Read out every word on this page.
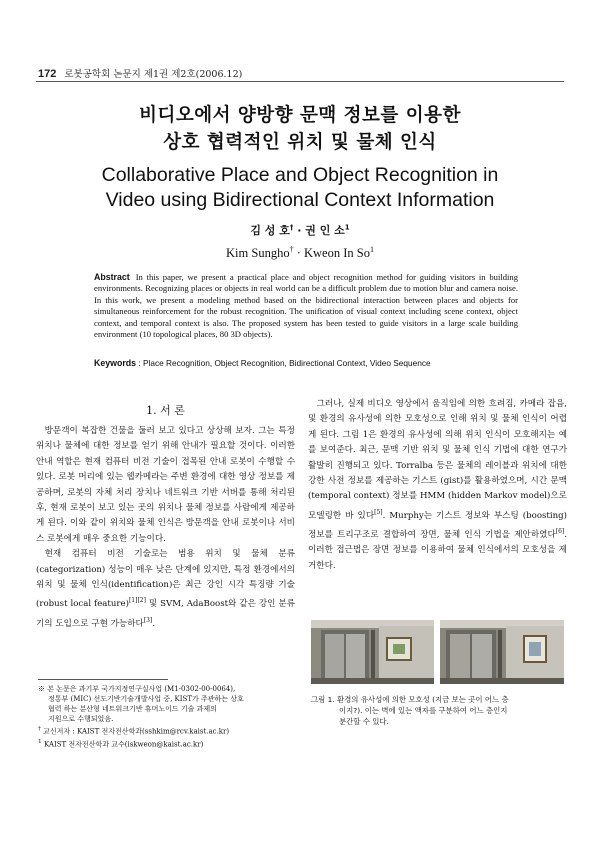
172 로봇공학회 논문지 제1권 제2호(2006.12)
비디오에서 양방향 문맥 정보를 이용한
상호 협력적인 위치 및 물체 인식
Collaborative Place and Object Recognition in
Video using Bidirectional Context Information
김 성 호† · 권 인 소$^1$
Kim Sungho† · Kweon In So$^1$
Abstract In this paper, we present a practical place and object recognition method for guiding visitors in building environments. Recognizing places or objects in real world can be a difficult problem due to motion blur and camera noise. In this work, we present a modeling method based on the bidirectional interaction between places and objects for simultaneous reinforcement for the robust recognition. The unification of visual context including scene context, object context, and temporal context is also. The proposed system has been tested to guide visitors in a large scale building environment (10 topological places, 80 3D objects).
Keywords : Place Recognition, Object Recognition, Bidirectional Context, Video Sequence
1. 서 론

방문객이 복잡한 건물을 둘러 보고 있다고 상상해 보자. 그는 특정 위치나 물체에 대한 정보를 얻기 위해 안내가 필요할 것이다. 이러한 안내 역할은 현재 컴퓨터 비전 기술이 접목된 안내 로봇이 수행할 수 있다. 로봇 머리에 있는 웹카메라는 주변 환경에 대한 영상 정보를 제공하며, 로봇의 자체 처리 장치나 네트워크 기반 서버를 통해 처리된 후, 현재 로봇이 보고 있는 곳의 위치나 물체 정보를 사람에게 제공하게 된다. 이와 같이 위치와 물체 인식은 방문객을 안내 로봇이나 서비스 로봇에게 매우 중요한 기능이다.

현재 컴퓨터 비전 기술로는 범용 위치 및 물체 분류 (categorization) 성능이 매우 낮은 단계에 있지만, 특정 환경에서의 위치 및 물체 인식(identification)은 최근 강인 시각 특징량 기술(robust local feature)[1][2] 및 SVM, AdaBoost와 같은 강인 분류기의 도입으로 구현 가능하다[3].

그러나, 실제 비디오 영상에서 움직임에 의한 흐려짐, 카메라 잡음, 및 환경의 유사성에 의한 모호성으로 인해 위치 및 물체 인식이 어렵게 된다. 그림 1은 환경의 유사성에 의해 위치 인식이 모호해지는 예를 보여준다. 최근, 문맥 기반 위치 및 물체 인식 기법에 대한 연구가 활발히 진행되고 있다. Torralba 등은 물체의 레이블과 위치에 대한 강한 사전 정보를 제공하는 기스트 (gist)를 활용하였으며, 시간 문맥(temporal context) 정보를 HMM (hidden Markov model)으로 모델링한 바 있다[5]. Murphy는 기스트 정보와 부스팅 (boosting) 정보를 트리구조로 결합하여 장면, 물체 인식 기법을 제안하였다[6]. 이러한 접근법은 장면 정보를 이용하여 물체 인식에서의 모호성을 제거한다.

※ 본 논문은 과기부 국가지정연구실사업 (M1-0302-00-0064),
정통부 (MIC) 선도기반기술개발사업 중, KIST가 주관하는 상호
협력 하는 분산형 네트워크기반 휴머노이드 기술 과제의
지원으로 수행되었음.
† 교신저자 : KAIST 전자전산학과(sshkim@rcv.kaist.ac.kr)
$^1$ KAIST 전자전산학과 교수(iskweon@kaist.ac.kr)
그림 1. 환경의 유사성에 의한 모호성 (지금 보는 곳이 어느 층
이지?). 이는 벽에 있는 액자를 구분하여 어느 층인지
분간할 수 있다.
